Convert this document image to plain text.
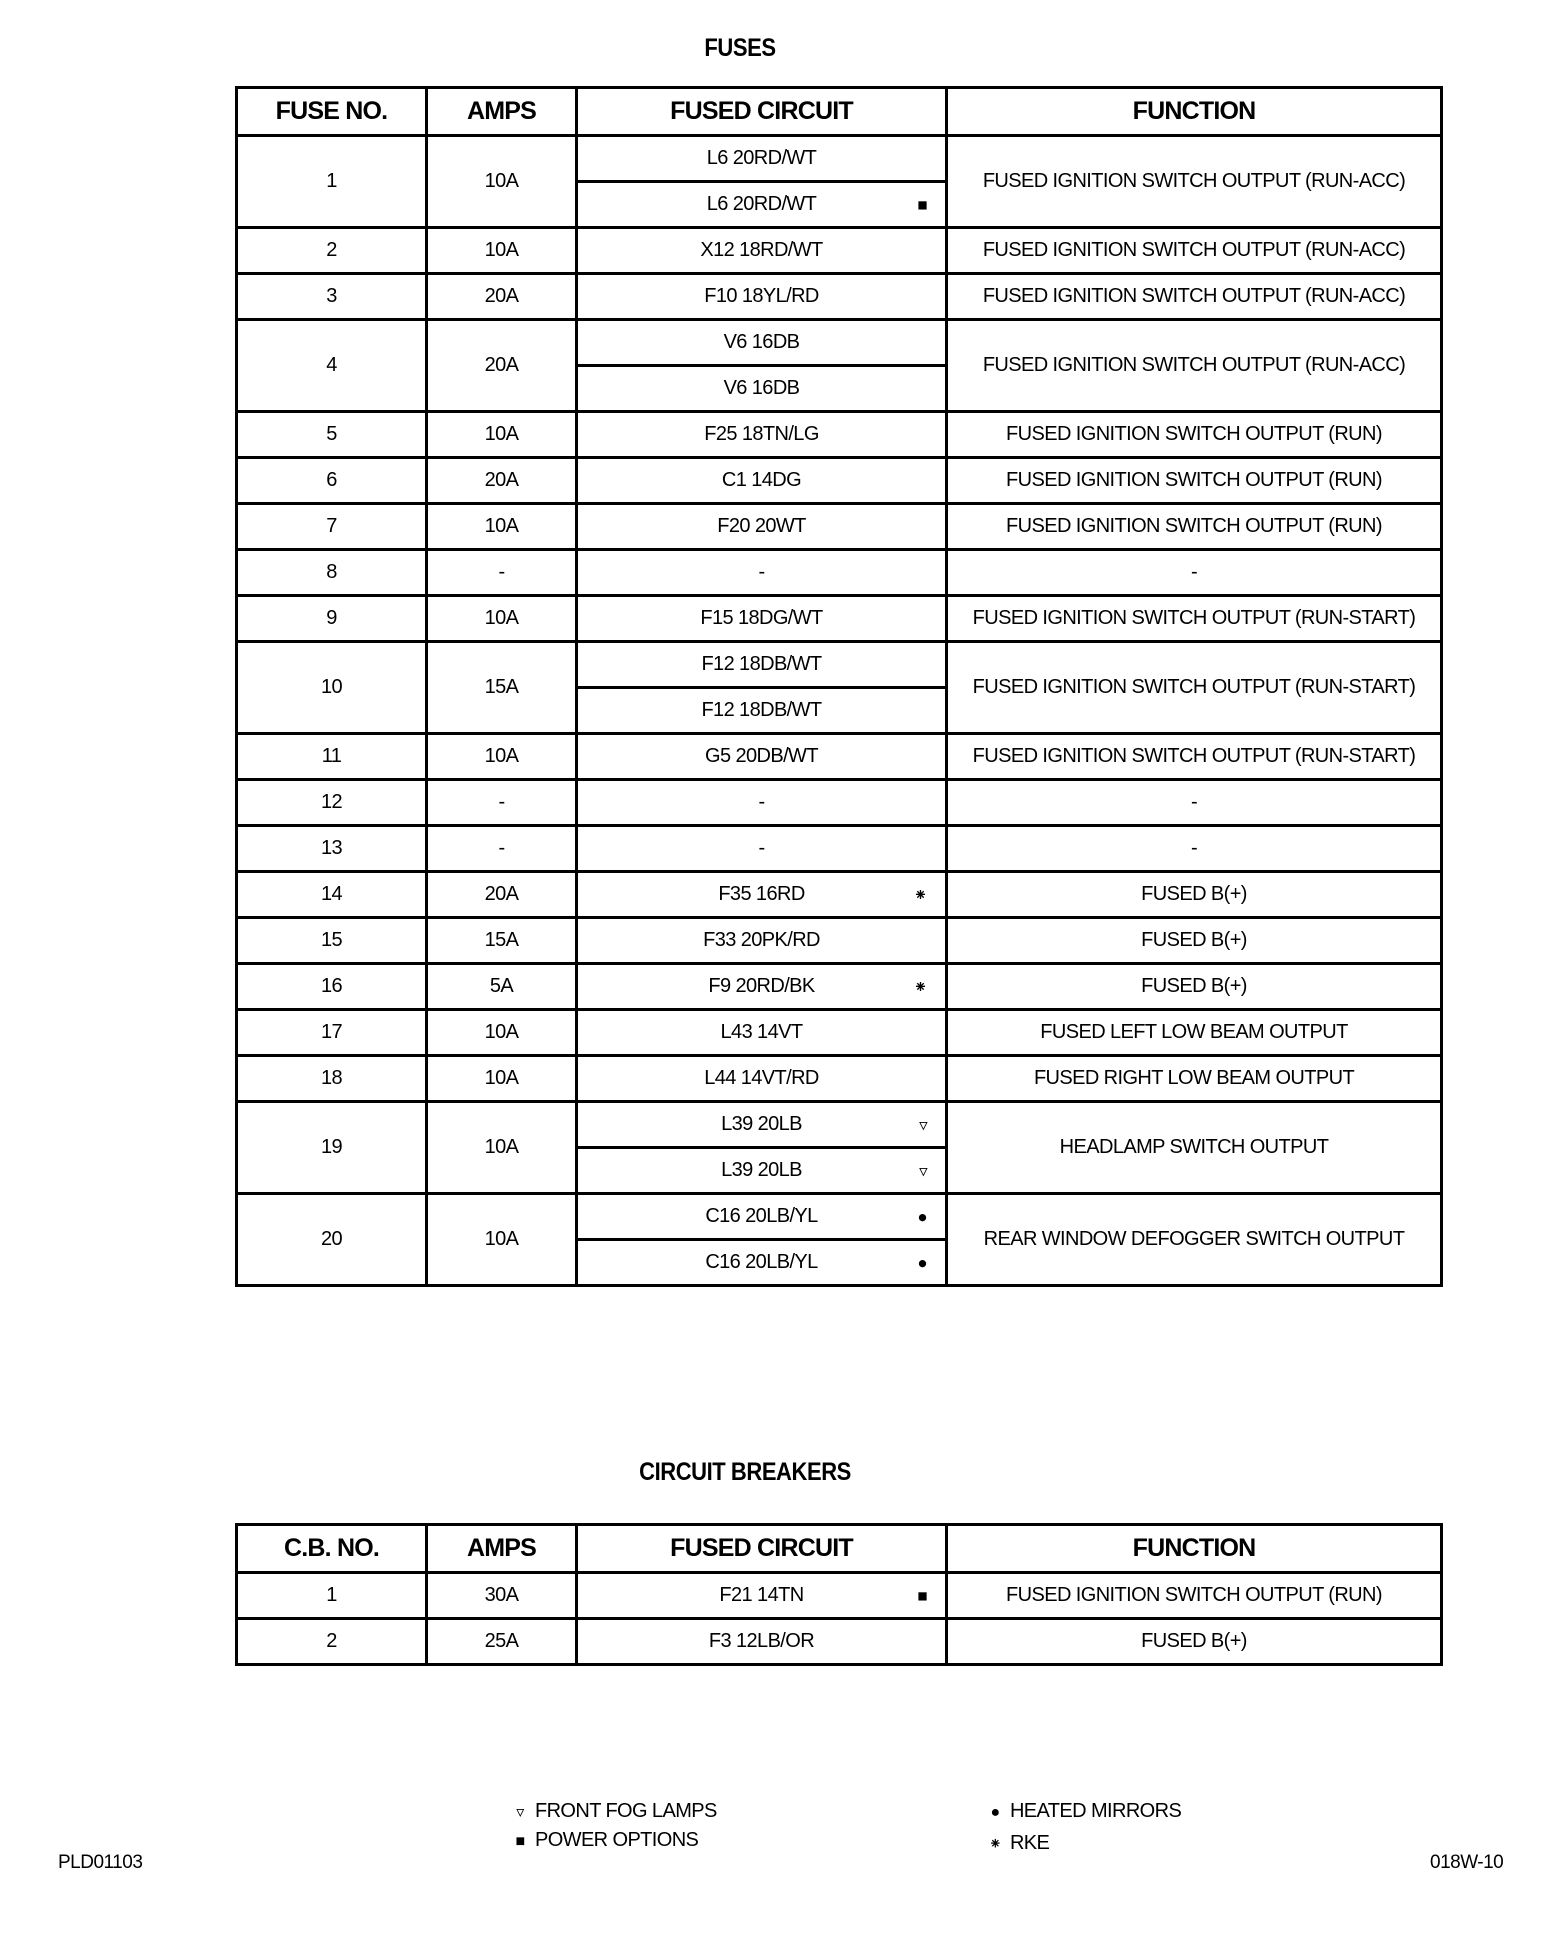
FUSES
FUSE NO.	AMPS	FUSED CIRCUIT	FUNCTION
1	10A	L6 20RD/WT	FUSED IGNITION SWITCH OUTPUT (RUN-ACC)
		L6 20RD/WT ■	

2	10A	X12 18RD/WT	FUSED IGNITION SWITCH OUTPUT (RUN-ACC)
3	20A	F10 18YL/RD	FUSED IGNITION SWITCH OUTPUT (RUN-ACC)
4	20A	V6 16DB	FUSED IGNITION SWITCH OUTPUT (RUN-ACC)
		V6 16DB	
5	10A	F25 18TN/LG	FUSED IGNITION SWITCH OUTPUT (RUN)
6	20A	C1 14DG	FUSED IGNITION SWITCH OUTPUT (RUN)
7	10A	F20 20WT	FUSED IGNITION SWITCH OUTPUT (RUN)
8	-	-	-
9	10A	F15 18DG/WT	FUSED IGNITION SWITCH OUTPUT (RUN-START)
10	15A	F12 18DB/WT	FUSED IGNITION SWITCH OUTPUT (RUN-START)
		F12 18DB/WT	
11	10A	G5 20DB/WT	FUSED IGNITION SWITCH OUTPUT (RUN-START)
12	-	-	-
13	-	-	-
14	20A	F35 16RD ⁕	FUSED B(+)
15	15A	F33 20PK/RD	FUSED B(+)
16	5A	F9 20RD/BK ⁕	FUSED B(+)
17	10A	L43 14VT	FUSED LEFT LOW BEAM OUTPUT
18	10A	L44 14VT/RD	FUSED RIGHT LOW BEAM OUTPUT
19	10A	L39 20LB ▿	HEADLAMP SWITCH OUTPUT
		L39 20LB ▿	

20	10A	C16 20LB/YL ●	REAR WINDOW DEFOGGER SWITCH OUTPUT
		C16 20LB/YL ●	
CIRCUIT BREAKERS
C.B. NO.	AMPS	FUSED CIRCUIT	FUNCTION
1	30A	F21 14TN ■	FUSED IGNITION SWITCH OUTPUT (RUN)
2	25A	F3 12LB/OR	FUSED B(+)
▿ FRONT FOG LAMPS
■ POWER OPTIONS
● HEATED MIRRORS
⁕ RKE
PLD01103	018W-10
